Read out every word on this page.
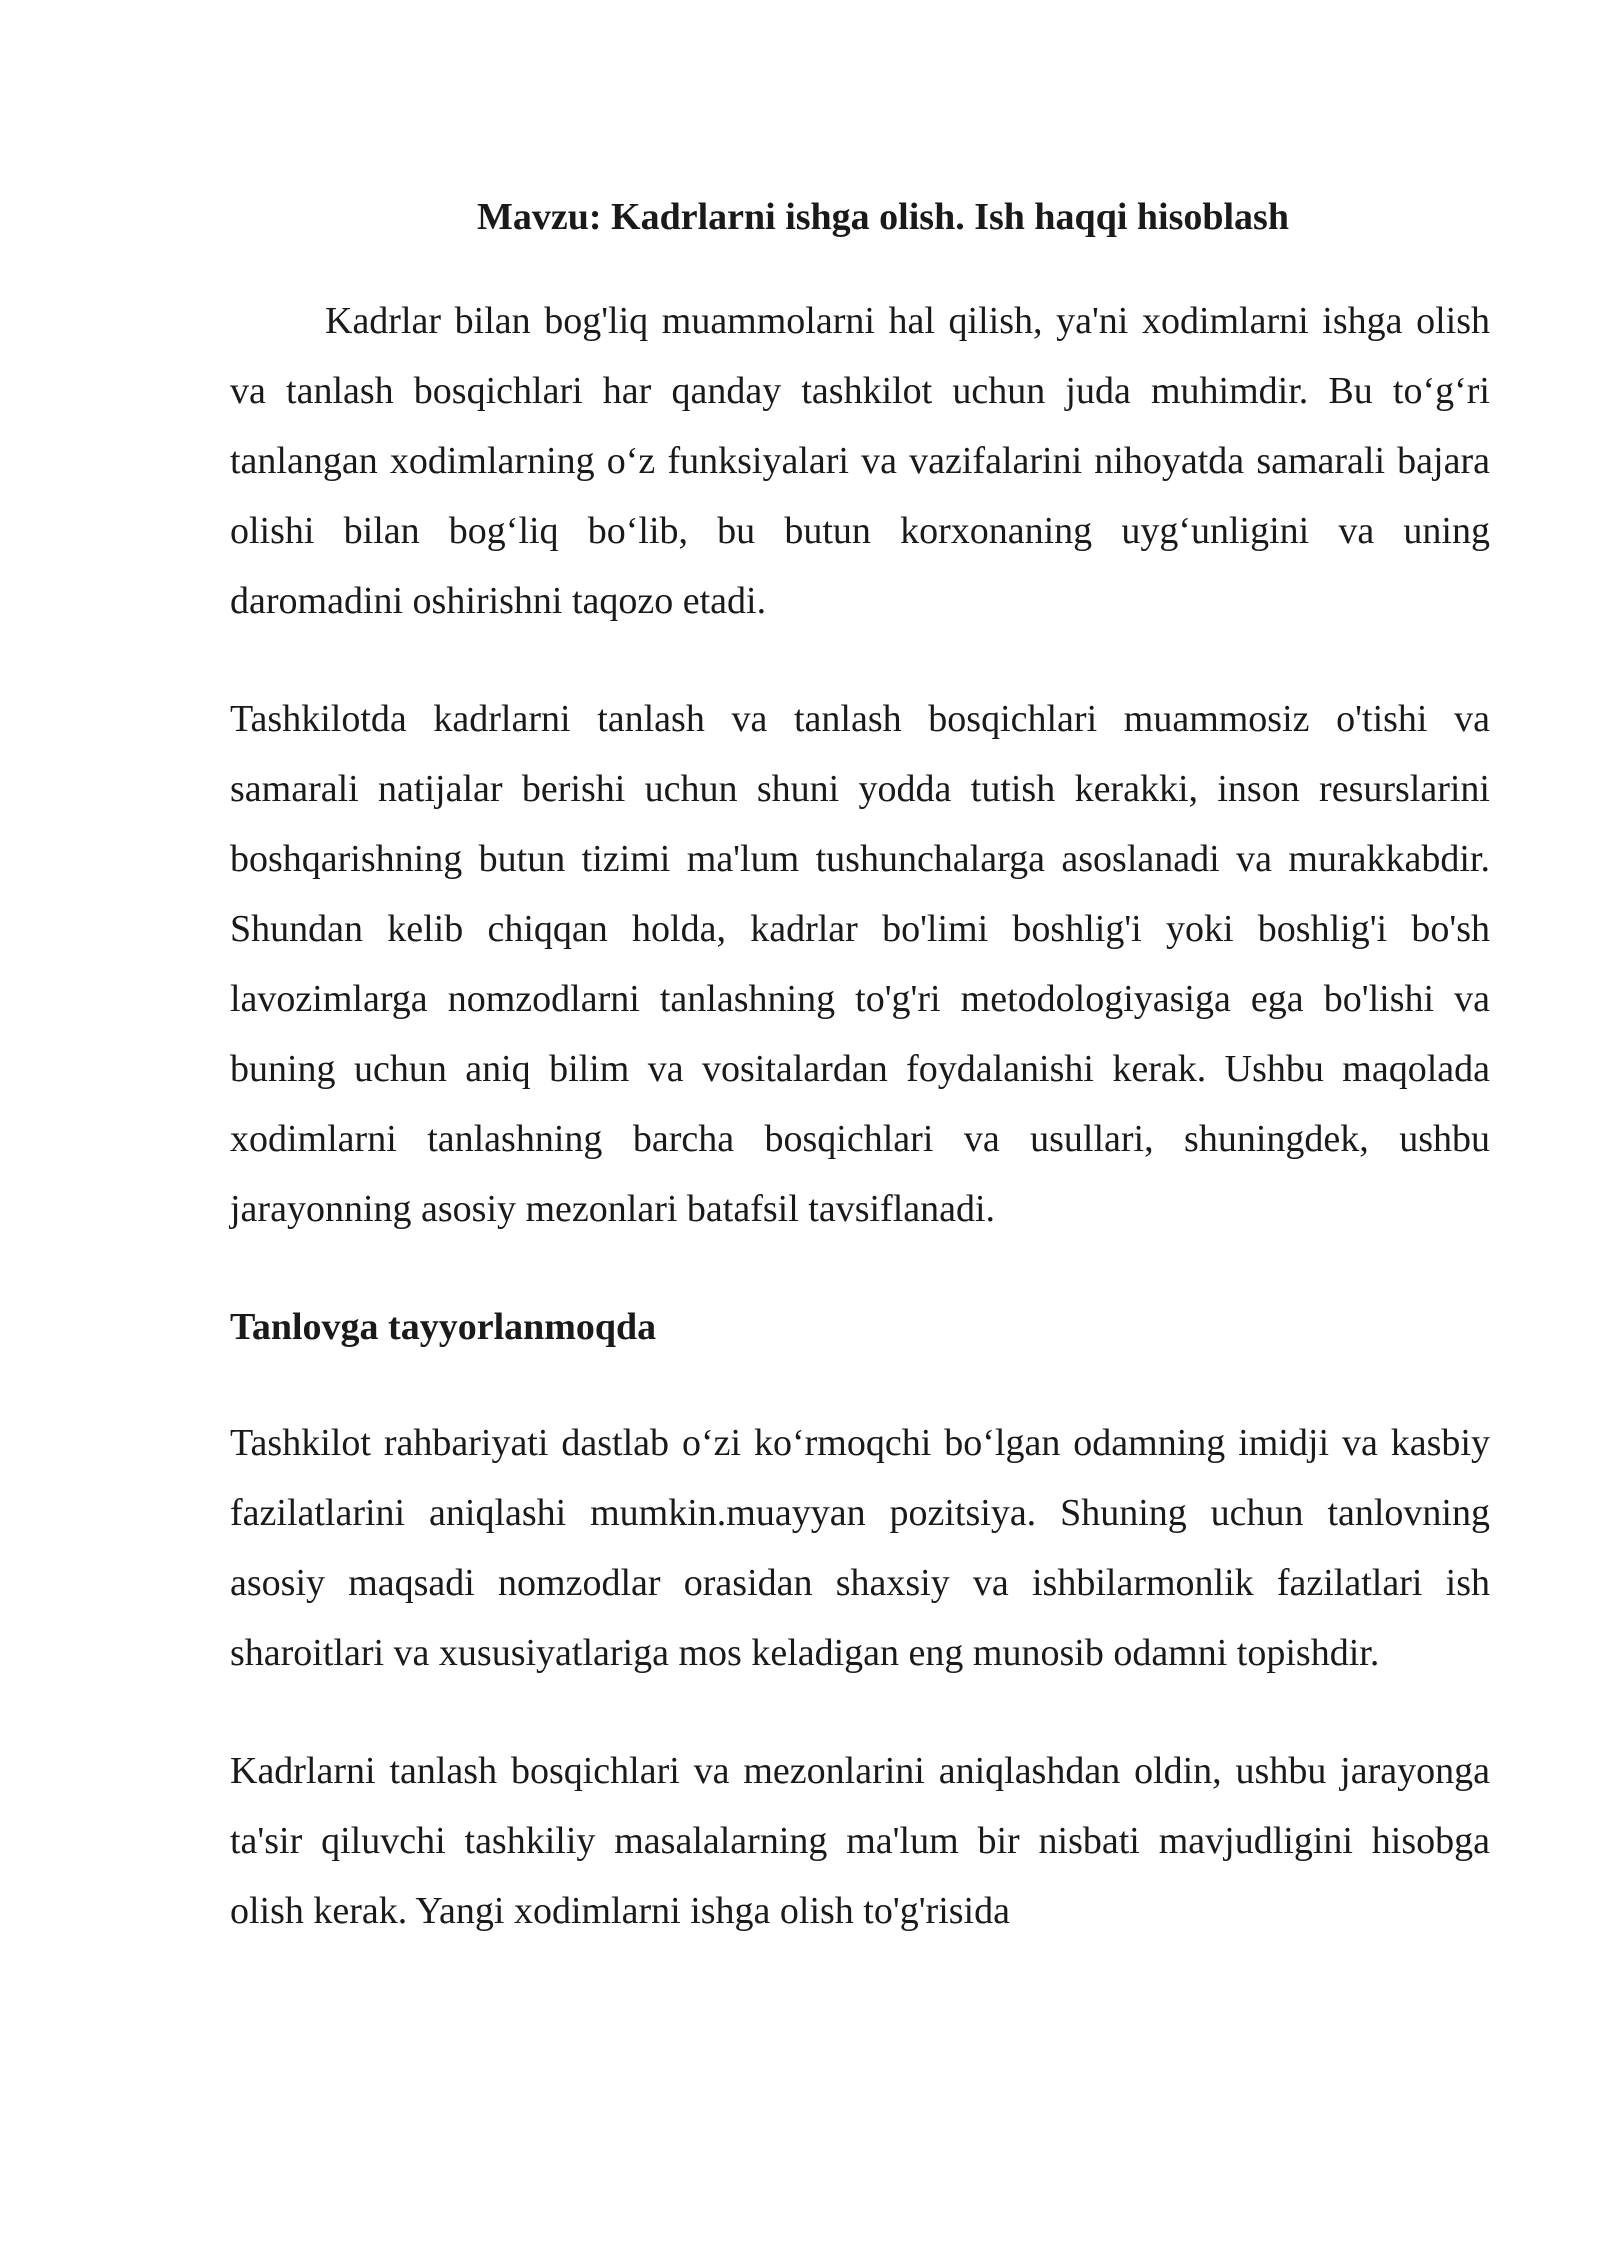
Mavzu: Kadrlarni ishga olish. Ish haqqi hisoblash

Kadrlar bilan bog'liq muammolarni hal qilish, ya'ni xodimlarni ishga olish va tanlash bosqichlari har qanday tashkilot uchun juda muhimdir. Bu to‘g‘ri tanlangan xodimlarning o‘z funksiyalari va vazifalarini nihoyatda samarali bajara olishi bilan bog‘liq bo‘lib, bu butun korxonaning uyg‘unligini va uning daromadini oshirishni taqozo etadi.

Tashkilotda kadrlarni tanlash va tanlash bosqichlari muammosiz o'tishi va samarali natijalar berishi uchun shuni yodda tutish kerakki, inson resurslarini boshqarishning butun tizimi ma'lum tushunchalarga asoslanadi va murakkabdir. Shundan kelib chiqqan holda, kadrlar bo'limi boshlig'i yoki boshlig'i bo'sh lavozimlarga nomzodlarni tanlashning to'g'ri metodologiyasiga ega bo'lishi va buning uchun aniq bilim va vositalardan foydalanishi kerak. Ushbu maqolada xodimlarni tanlashning barcha bosqichlari va usullari, shuningdek, ushbu jarayonning asosiy mezonlari batafsil tavsiflanadi.

Tanlovga tayyorlanmoqda

Tashkilot rahbariyati dastlab o‘zi ko‘rmoqchi bo‘lgan odamning imidji va kasbiy fazilatlarini aniqlashi mumkin.muayyan pozitsiya. Shuning uchun tanlovning asosiy maqsadi nomzodlar orasidan shaxsiy va ishbilarmonlik fazilatlari ish sharoitlari va xususiyatlariga mos keladigan eng munosib odamni topishdir.

Kadrlarni tanlash bosqichlari va mezonlarini aniqlashdan oldin, ushbu jarayonga ta'sir qiluvchi tashkiliy masalalarning ma'lum bir nisbati mavjudligini hisobga olish kerak. Yangi xodimlarni ishga olish to'g'risida
